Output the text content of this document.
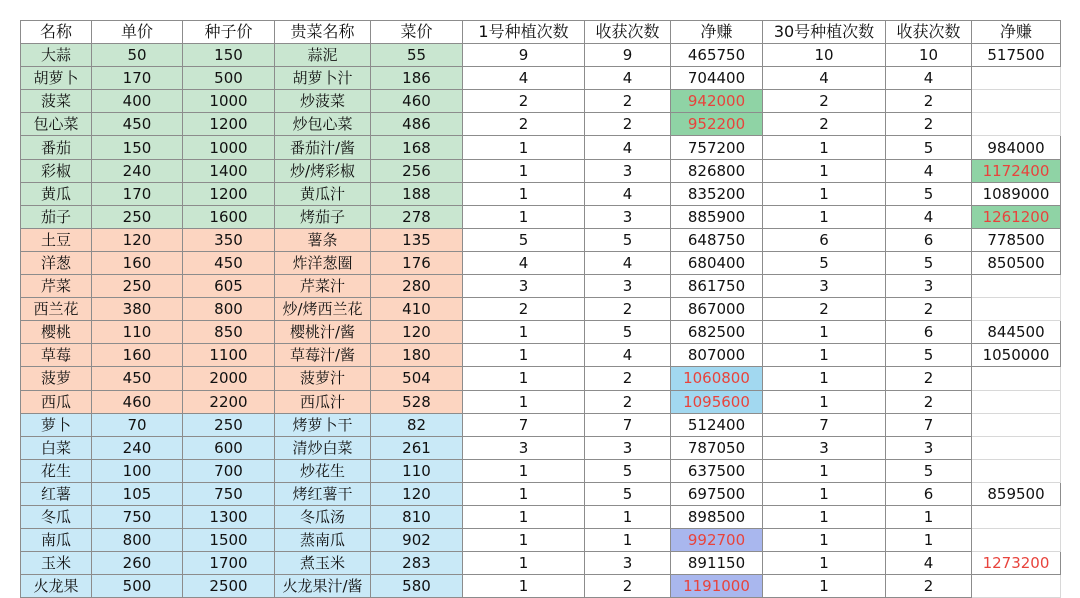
名称	单价	种子价	贵菜名称	菜价	1号种植次数	收获次数	净赚	30号种植次数	收获次数	净赚
大蒜	50	150	蒜泥	55	9	9	465750	10	10	517500
胡萝卜	170	500	胡萝卜汁	186	4	4	704400	4	4	
菠菜	400	1000	炒菠菜	460	2	2	942000	2	2	
包心菜	450	1200	炒包心菜	486	2	2	952200	2	2	
番茄	150	1000	番茄汁/酱	168	1	4	757200	1	5	984000
彩椒	240	1400	炒/烤彩椒	256	1	3	826800	1	4	1172400
黄瓜	170	1200	黄瓜汁	188	1	4	835200	1	5	1089000
茄子	250	1600	烤茄子	278	1	3	885900	1	4	1261200
土豆	120	350	薯条	135	5	5	648750	6	6	778500
洋葱	160	450	炸洋葱圈	176	4	4	680400	5	5	850500
芹菜	250	605	芹菜汁	280	3	3	861750	3	3	
西兰花	380	800	炒/烤西兰花	410	2	2	867000	2	2	
樱桃	110	850	樱桃汁/酱	120	1	5	682500	1	6	844500
草莓	160	1100	草莓汁/酱	180	1	4	807000	1	5	1050000
菠萝	450	2000	菠萝汁	504	1	2	1060800	1	2	
西瓜	460	2200	西瓜汁	528	1	2	1095600	1	2	
萝卜	70	250	烤萝卜干	82	7	7	512400	7	7	
白菜	240	600	清炒白菜	261	3	3	787050	3	3	
花生	100	700	炒花生	110	1	5	637500	1	5	
红薯	105	750	烤红薯干	120	1	5	697500	1	6	859500
冬瓜	750	1300	冬瓜汤	810	1	1	898500	1	1	
南瓜	800	1500	蒸南瓜	902	1	1	992700	1	1	
玉米	260	1700	煮玉米	283	1	3	891150	1	4	1273200
火龙果	500	2500	火龙果汁/酱	580	1	2	1191000	1	2	
